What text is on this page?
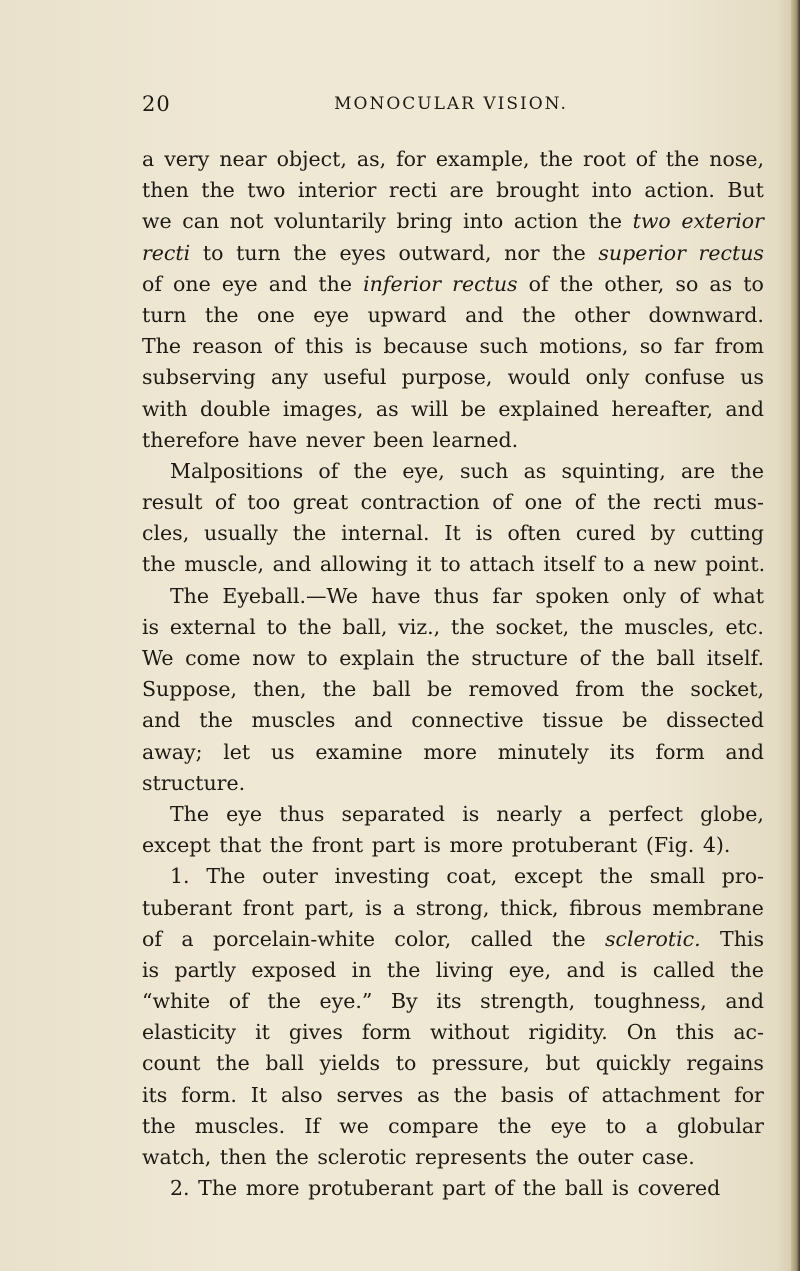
20	MONOCULAR VISION.
a very near object, as, for example, the root of the nose,
then the two interior recti are brought into action. But
we can not voluntarily bring into action the two exterior
recti to turn the eyes outward, nor the superior rectus
of one eye and the inferior rectus of the other, so as to
turn the one eye upward and the other downward.
The reason of this is because such motions, so far from
subserving any useful purpose, would only confuse us
with double images, as will be explained hereafter, and
therefore have never been learned.
Malpositions of the eye, such as squinting, are the
result of too great contraction of one of the recti mus-
cles, usually the internal. It is often cured by cutting
the muscle, and allowing it to attach itself to a new point.
The Eyeball.—We have thus far spoken only of what
is external to the ball, viz., the socket, the muscles, etc.
We come now to explain the structure of the ball itself.
Suppose, then, the ball be removed from the socket,
and the muscles and connective tissue be dissected
away; let us examine more minutely its form and
structure.
The eye thus separated is nearly a perfect globe,
except that the front part is more protuberant (Fig. 4).
1. The outer investing coat, except the small pro-
tuberant front part, is a strong, thick, fibrous membrane
of a porcelain-white color, called the sclerotic. This
is partly exposed in the living eye, and is called the
“white of the eye.” By its strength, toughness, and
elasticity it gives form without rigidity. On this ac-
count the ball yields to pressure, but quickly regains
its form. It also serves as the basis of attachment for
the muscles. If we compare the eye to a globular
watch, then the sclerotic represents the outer case.
2. The more protuberant part of the ball is covered
